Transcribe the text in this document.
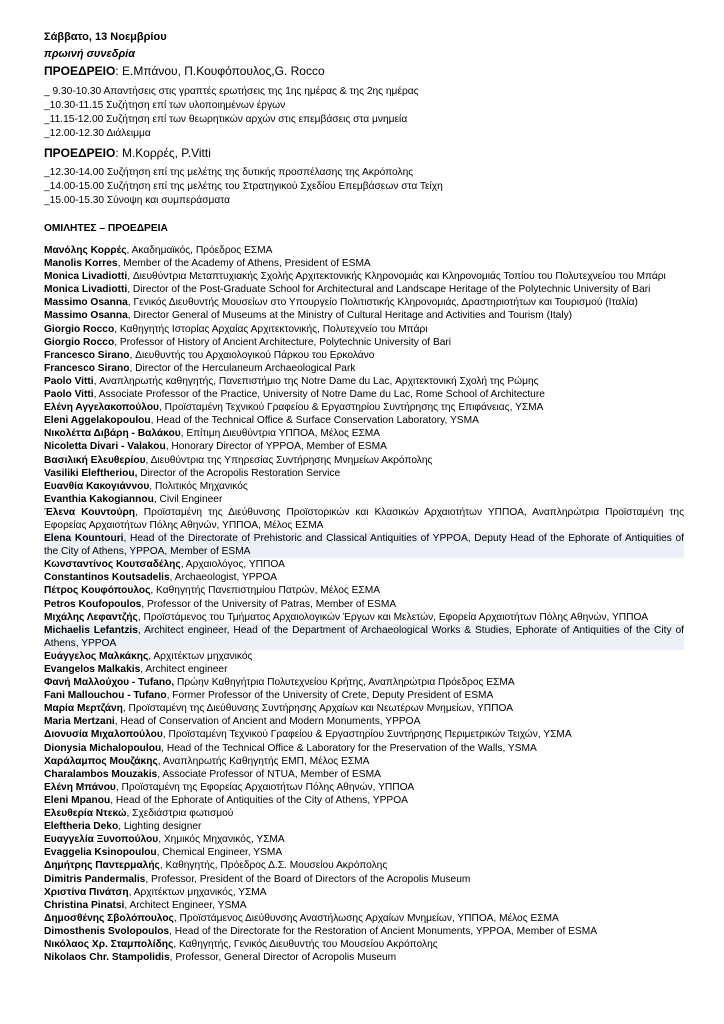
Σάββατο, 13 Νοεμβρίου

πρωινή συνεδρία

ΠΡΟΕΔΡΕΙΟ: Ε.Μπάνου, Π.Κουφόπουλος,G. Rocco

_ 9.30-10.30 Απαντήσεις στις γραπτές ερωτήσεις της 1ης ημέρας & της 2ης ημέρας

_10.30-11.15 Συζήτηση επί των υλοποιημένων έργων

_11.15-12.00 Συζήτηση επί των θεωρητικών αρχών στις επεμβάσεις στα μνημεία

_12.00-12.30 Διάλειμμα

ΠΡΟΕΔΡΕΙΟ: Μ.Κορρές, P.Vitti

_12.30-14.00 Συζήτηση επί της μελέτης της δυτικής προσπέλασης της Ακρόπολης

_14.00-15.00 Συζήτηση επί της μελέτης του Στρατηγικού Σχεδίου Επεμβάσεων στα Τείχη

_15.00-15.30 Σύνοψη και συμπεράσματα

ΟΜΙΛΗΤΕΣ – ΠΡΟΕΔΡΕΙΑ

Μανόλης Κορρές, Ακαδημαϊκός, Πρόεδρος ΕΣΜΑ
Manolis Korres, Member of the Academy of Athens, President of ESMA
Monica Livadiotti, Διευθύντρια Μεταπτυχιακής Σχολής Αρχιτεκτονικής Κληρονομιάς και Κληρονομιάς Τοπίου του Πολυτεχνείου του Μπάρι
Monica Livadiotti, Director of the Post-Graduate School for Architectural and Landscape Heritage of the Polytechnic University of Bari
Massimo Osanna, Γενικός Διευθυντής Μουσείων στο Υπουργείο Πολιτιστικής Κληρονομιάς, Δραστηριοτήτων και Τουρισμού (Ιταλία)
Massimo Osanna, Director General of Museums at the Ministry of Cultural Heritage and Activities and Tourism (Italy)
Giorgio Rocco, Καθηγητής Ιστορίας Αρχαίας Αρχιτεκτονικής, Πολυτεχνείο του Μπάρι
Giorgio Rocco, Professor of History of Ancient Architecture, Polytechnic University of Bari
Francesco Sirano, Διευθυντής του Αρχαιολογικού Πάρκου του Ερκολάνο
Francesco Sirano, Director of the Herculaneum Archaeological Park
Paolo Vitti, Αναπληρωτής καθηγητής, Πανεπιστήμιο της Notre Dame du Lac, Αρχιτεκτονική Σχολή της Ρώμης
Paolo Vitti, Associate Professor of the Practice, University of Notre Dame du Lac, Rome School of Architecture
Ελένη Αγγελακοπούλου, Προϊσταμένη Τεχνικού Γραφείου & Εργαστηρίου Συντήρησης της Επιφάνειας, ΥΣΜΑ
Eleni Aggelakopoulou, Head of the Technical Office & Surface Conservation Laboratory, YSMA
Νικολέττα Διβάρη - Βαλάκου, Επίτιμη Διευθύντρια ΥΠΠΟΑ, Μέλος ΕΣΜΑ
Nicoletta Divari - Valakou, Honorary Director of YPPOA, Member of ESMA
Βασιλική Ελευθερίου, Διευθύντρια της Υπηρεσίας Συντήρησης Μνημείων Ακρόπολης
Vasiliki Eleftheriou, Director of the Acropolis Restoration Service
Ευανθία Κακογιάννου, Πολιτικός Μηχανικός
Evanthia Kakogiannou, Civil Engineer
Έλενα Κουντούρη, Προϊσταμένη της Διεύθυνσης Προϊστορικών και Κλασικών Αρχαιοτήτων ΥΠΠΟΑ, Αναπληρώτρια Προϊσταμένη της Εφορείας Αρχαιοτήτων Πόλης Αθηνών, ΥΠΠΟΑ, Μέλος ΕΣΜΑ
Elena Kountouri, Head of the Directorate of Prehistoric and Classical Antiquities of YPPOA, Deputy Head of the Ephorate of Antiquities of the City of Athens, YPPOA, Member of ESMA
Κωνσταντίνος Κουτσαδέλης, Αρχαιολόγος, ΥΠΠΟΑ
Constantinos Koutsadelis, Archaeologist, YPPOA
Πέτρος Κουφόπουλος, Καθηγητής Πανεπιστημίου Πατρών, Μέλος ΕΣΜΑ
Petros Koufopoulos, Professor of the University of Patras, Member of ESMA
Μιχάλης Λεφαντζής, Προϊστάμενος του Τμήματος Αρχαιολογικών Έργων και Μελετών, Εφορεία Αρχαιοτήτων Πόλης Αθηνών, ΥΠΠΟΑ
Michaelis Lefantzis, Architect engineer, Head of the Department of Archaeological Works & Studies, Ephorate of Antiquities of the City of Athens, YPPOA
Ευάγγελος Μαλκάκης, Αρχιτέκτων μηχανικός
Evangelos Malkakis, Architect engineer
Φανή Μαλλούχου - Tufano, Πρώην Καθηγήτρια Πολυτεχνείου Κρήτης, Αναπληρώτρια Πρόεδρος ΕΣΜΑ
Fani Mallouchou - Tufano, Former Professor of the University of Crete, Deputy President of ESMA
Μαρία Μερτζάνη, Προϊσταμένη της Διεύθυνσης Συντήρησης Αρχαίων και Νεωτέρων Μνημείων, ΥΠΠΟΑ
Maria Mertzani, Head of Conservation of Ancient and Modern Monuments, YPPOA
Διονυσία Μιχαλοπούλου, Προϊσταμένη Τεχνικού Γραφείου & Εργαστηρίου Συντήρησης Περιμετρικών Τειχών, ΥΣΜΑ
Dionysia Michalopoulou, Head of the Technical Office & Laboratory for the Preservation of the Walls, YSMA
Χαράλαμπος Μουζάκης, Αναπληρωτής Καθηγητής ΕΜΠ, Μέλος ΕΣΜΑ
Charalambos Mouzakis, Associate Professor of NTUA, Member of ESMA
Ελένη Μπάνου, Προϊσταμένη της Εφορείας Αρχαιοτήτων Πόλης Αθηνών, ΥΠΠΟΑ
Eleni Mpanou, Head of the Ephorate of Antiquities of the City of Athens, YPPOA
Ελευθερία Ντεκώ, Σχεδιάστρια φωτισμού
Eleftheria Deko, Lighting designer
Ευαγγελία Ξυνοπούλου, Χημικός Μηχανικός, ΥΣΜΑ
Evaggelia Ksinopoulou, Chemical Engineer, YSMA
Δημήτρης Παντερμαλής, Καθηγητής, Πρόεδρος Δ.Σ. Μουσείου Ακρόπολης
Dimitris Pandermalis, Professor, President of the Board of Directors of the Acropolis Museum
Χριστίνα Πινάτση, Αρχιτέκτων μηχανικός, ΥΣΜΑ
Christina Pinatsi, Architect Engineer, YSMA
Δημοσθένης Σβολόπουλος, Προϊστάμενος Διεύθυνσης Αναστήλωσης Αρχαίων Μνημείων, ΥΠΠΟΑ, Μέλος ΕΣΜΑ
Dimosthenis Svolopoulos, Head of the Directorate for the Restoration of Ancient Monuments, YPPOA, Member of ESMA
Νικόλαος Χρ. Σταμπολίδης, Καθηγητής, Γενικός Διευθυντής του Μουσείου Ακρόπολης
Nikolaos Chr. Stampolidis, Professor, General Director of Acropolis Museum
